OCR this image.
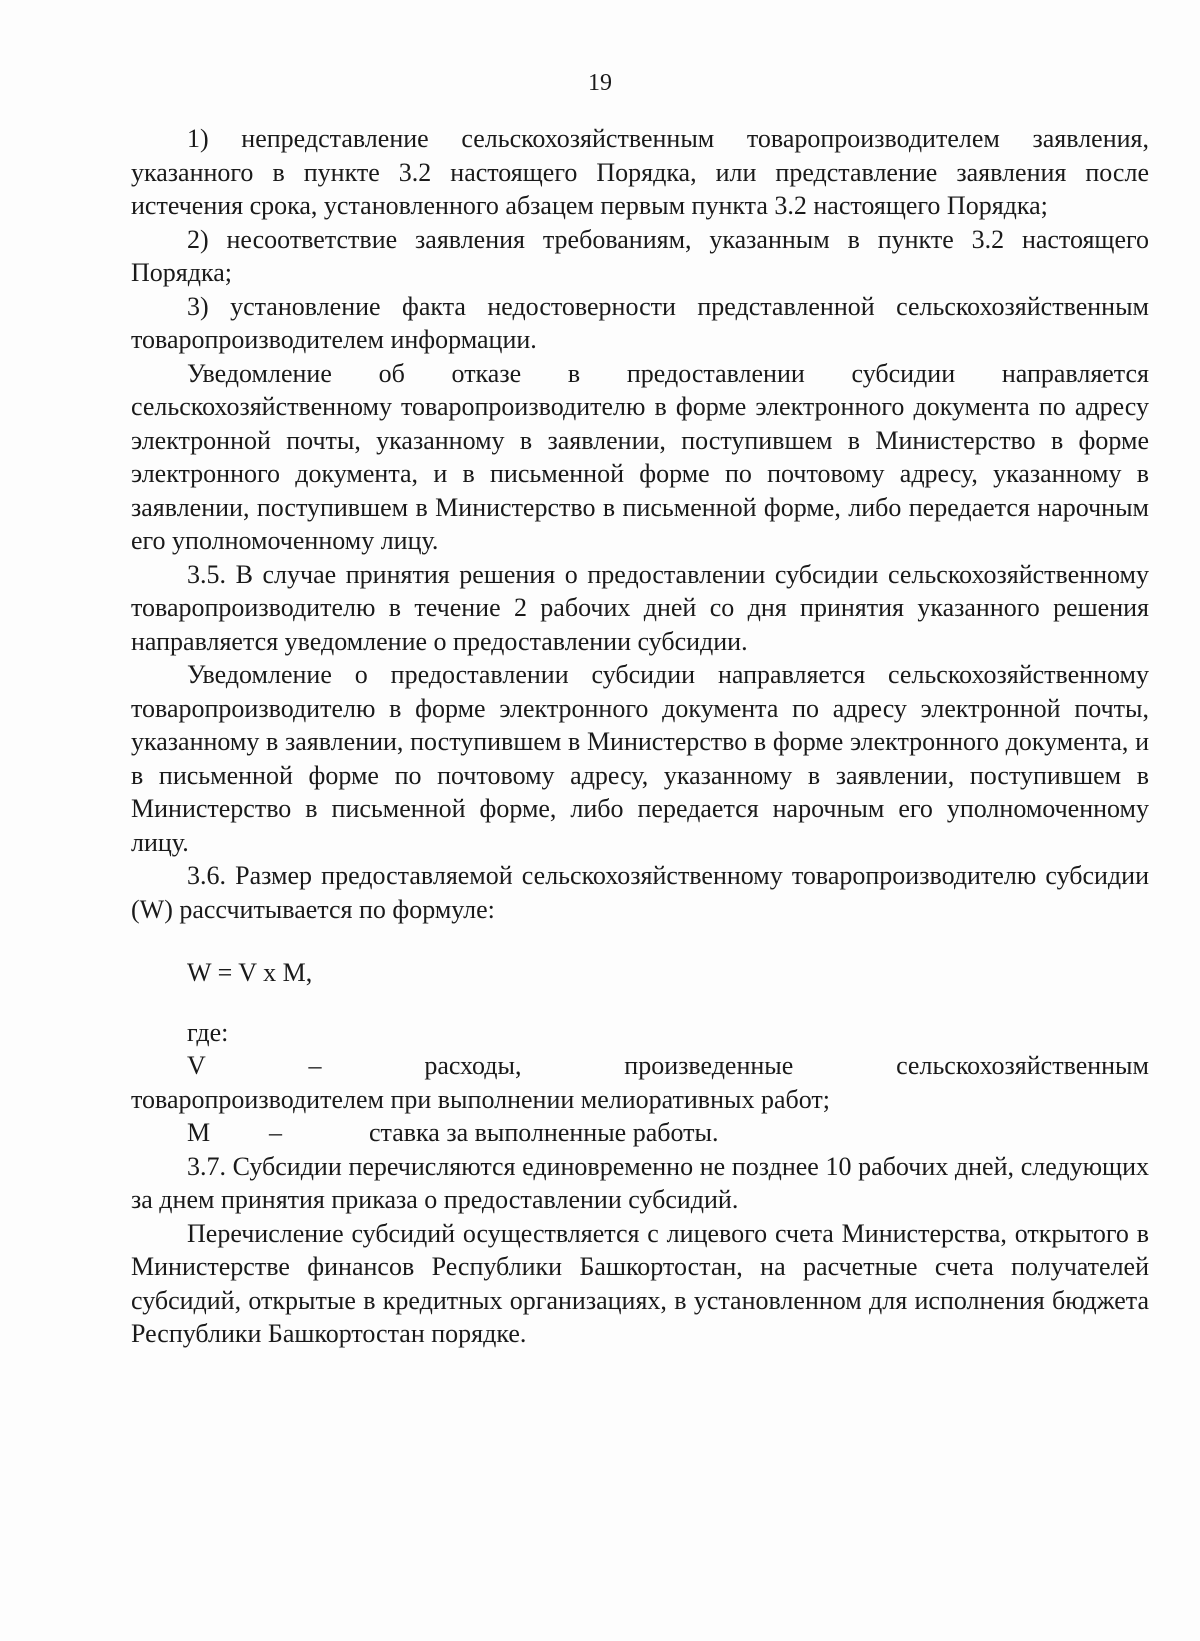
19

1) непредставление сельскохозяйственным товаропроизводителем заявления, указанного в пункте 3.2 настоящего Порядка, или представление заявления после истечения срока, установленного абзацем первым пункта 3.2 настоящего Порядка;

2) несоответствие заявления требованиям, указанным в пункте 3.2 настоящего Порядка;

3) установление факта недостоверности представленной сельскохозяйственным товаропроизводителем информации.

Уведомление об отказе в предоставлении субсидии направляется сельскохозяйственному товаропроизводителю в форме электронного документа по адресу электронной почты, указанному в заявлении, поступившем в Министерство в форме электронного документа, и в письменной форме по почтовому адресу, указанному в заявлении, поступившем в Министерство в письменной форме, либо передается нарочным его уполномоченному лицу.

3.5. В случае принятия решения о предоставлении субсидии сельскохозяйственному товаропроизводителю в течение 2 рабочих дней со дня принятия указанного решения направляется уведомление о предоставлении субсидии.

Уведомление о предоставлении субсидии направляется сельскохозяйственному товаропроизводителю в форме электронного документа по адресу электронной почты, указанному в заявлении, поступившем в Министерство в форме электронного документа, и в письменной форме по почтовому адресу, указанному в заявлении, поступившем в Министерство в письменной форме, либо передается нарочным его уполномоченному лицу.

3.6. Размер предоставляемой сельскохозяйственному товаропроизводителю субсидии (W) рассчитывается по формуле:

W = V x M,

где:

V	–	расходы,	произведенные	сельскохозяйственным
товаропроизводителем при выполнении мелиоративных работ;

M –	ставка за выполненные работы.

3.7. Субсидии перечисляются единовременно не позднее 10 рабочих дней, следующих за днем принятия приказа о предоставлении субсидий.

Перечисление субсидий осуществляется с лицевого счета Министерства, открытого в Министерстве финансов Республики Башкортостан, на расчетные счета получателей субсидий, открытые в кредитных организациях, в установленном для исполнения бюджета Республики Башкортостан порядке.
